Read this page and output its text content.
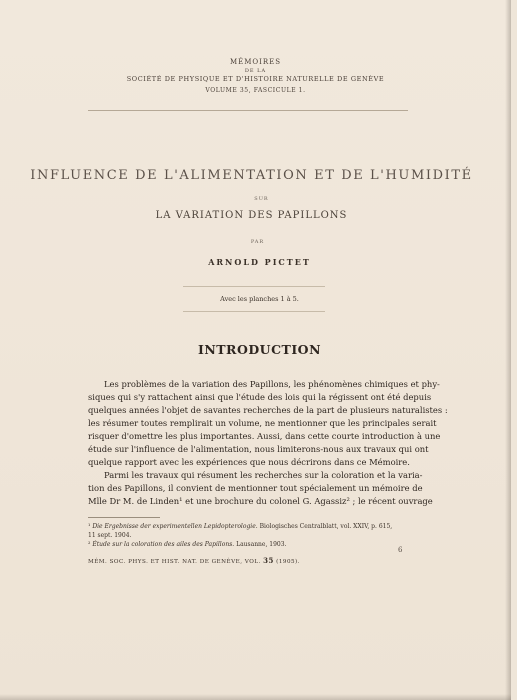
MÉMOIRES
DE LA
SOCIÉTÉ DE PHYSIQUE ET D'HISTOIRE NATURELLE DE GENÈVE
VOLUME 35, FASCICULE 1.
INFLUENCE DE L'ALIMENTATION ET DE L'HUMIDITÉ
SUR
LA VARIATION DES PAPILLONS
PAR
ARNOLD PICTET
Avec les planches 1 à 5.
INTRODUCTION
Les problèmes de la variation des Papillons, les phénomènes chimiques et phy-
siques qui s'y rattachent ainsi que l'étude des lois qui la régissent ont été depuis
quelques années l'objet de savantes recherches de la part de plusieurs naturalistes :
les résumer toutes remplirait un volume, ne mentionner que les principales serait
risquer d'omettre les plus importantes. Aussi, dans cette courte introduction à une
étude sur l'influence de l'alimentation, nous limiterons-nous aux travaux qui ont
quelque rapport avec les expériences que nous décrirons dans ce Mémoire.
Parmi les travaux qui résument les recherches sur la coloration et la varia-
tion des Papillons, il convient de mentionner tout spécialement un mémoire de
Mlle Dr M. de Linden¹ et une brochure du colonel G. Agassiz² ; le récent ouvrage
¹ Die Ergebnisse der experimentellen Lepidopterologie. Biologisches Centralblatt, vol. XXIV, p. 615,
11 sept. 1904.
² Étude sur la coloration des ailes des Papillons. Lausanne, 1903.
MÉM. SOC. PHYS. ET HIST. NAT. DE GENÈVE, VOL. 35 (1905).
6
